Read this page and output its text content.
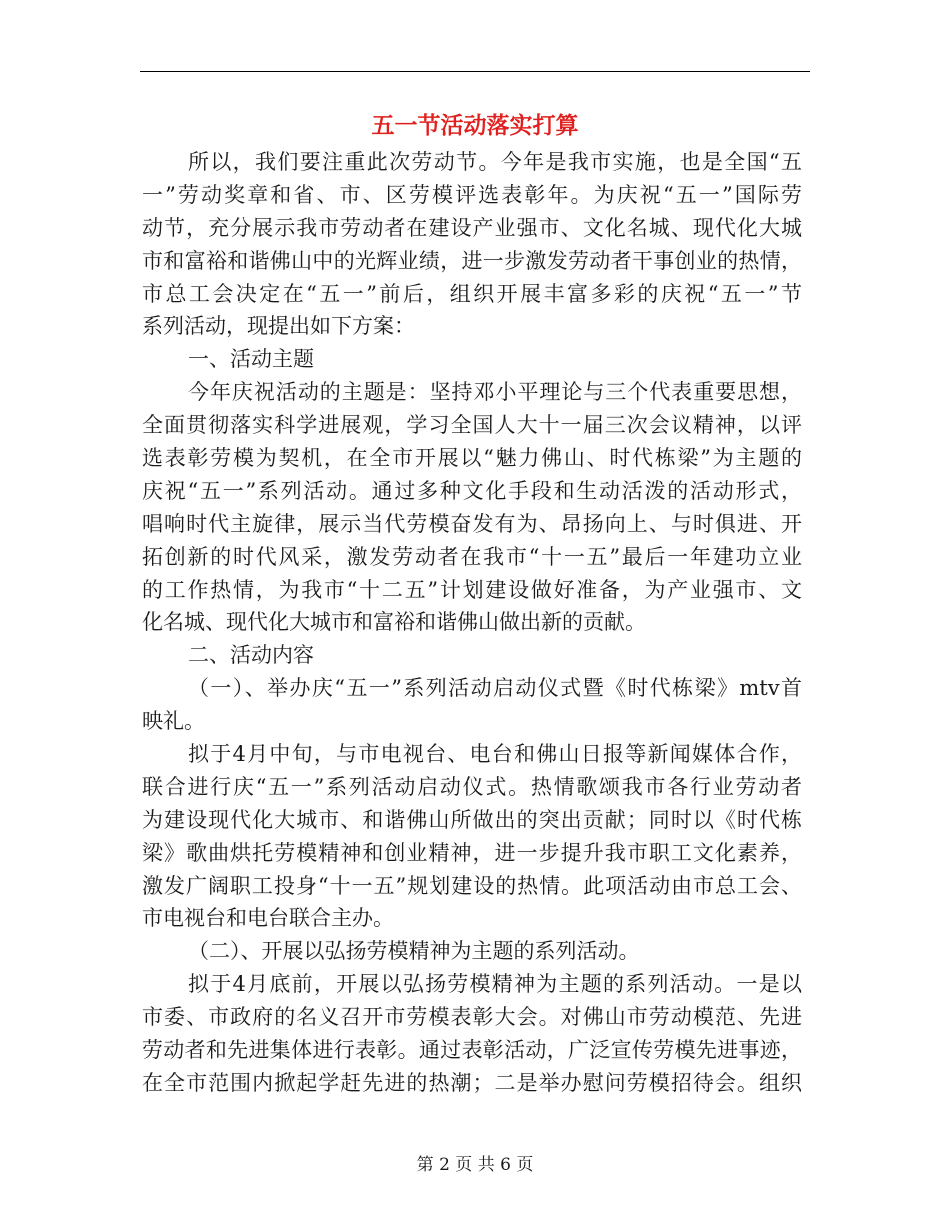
五一节活动落实打算
所以，我们要注重此次劳动节。今年是我市实施，也是全国“五
一”劳动奖章和省、市、区劳模评选表彰年。为庆祝“五一”国际劳
动节，充分展示我市劳动者在建设产业强市、文化名城、现代化大城
市和富裕和谐佛山中的光辉业绩，进一步激发劳动者干事创业的热情，
市总工会决定在“五一”前后，组织开展丰富多彩的庆祝“五一”节
系列活动，现提出如下方案：
一、活动主题
今年庆祝活动的主题是：坚持邓小平理论与三个代表重要思想，
全面贯彻落实科学进展观，学习全国人大十一届三次会议精神，以评
选表彰劳模为契机，在全市开展以“魅力佛山、时代栋梁”为主题的
庆祝“五一”系列活动。通过多种文化手段和生动活泼的活动形式，
唱响时代主旋律，展示当代劳模奋发有为、昂扬向上、与时俱进、开
拓创新的时代风采，激发劳动者在我市“十一五”最后一年建功立业
的工作热情，为我市“十二五”计划建设做好准备，为产业强市、文
化名城、现代化大城市和富裕和谐佛山做出新的贡献。
二、活动内容
（一）、举办庆“五一”系列活动启动仪式暨《时代栋梁》mtv首
映礼。
拟于4月中旬，与市电视台、电台和佛山日报等新闻媒体合作，
联合进行庆“五一”系列活动启动仪式。热情歌颂我市各行业劳动者
为建设现代化大城市、和谐佛山所做出的突出贡献；同时以《时代栋
梁》歌曲烘托劳模精神和创业精神，进一步提升我市职工文化素养，
激发广阔职工投身“十一五”规划建设的热情。此项活动由市总工会、
市电视台和电台联合主办。
（二）、开展以弘扬劳模精神为主题的系列活动。
拟于4月底前，开展以弘扬劳模精神为主题的系列活动。一是以
市委、市政府的名义召开市劳模表彰大会。对佛山市劳动模范、先进
劳动者和先进集体进行表彰。通过表彰活动，广泛宣传劳模先进事迹，
在全市范围内掀起学赶先进的热潮；二是举办慰问劳模招待会。组织
第 2 页 共 6 页
